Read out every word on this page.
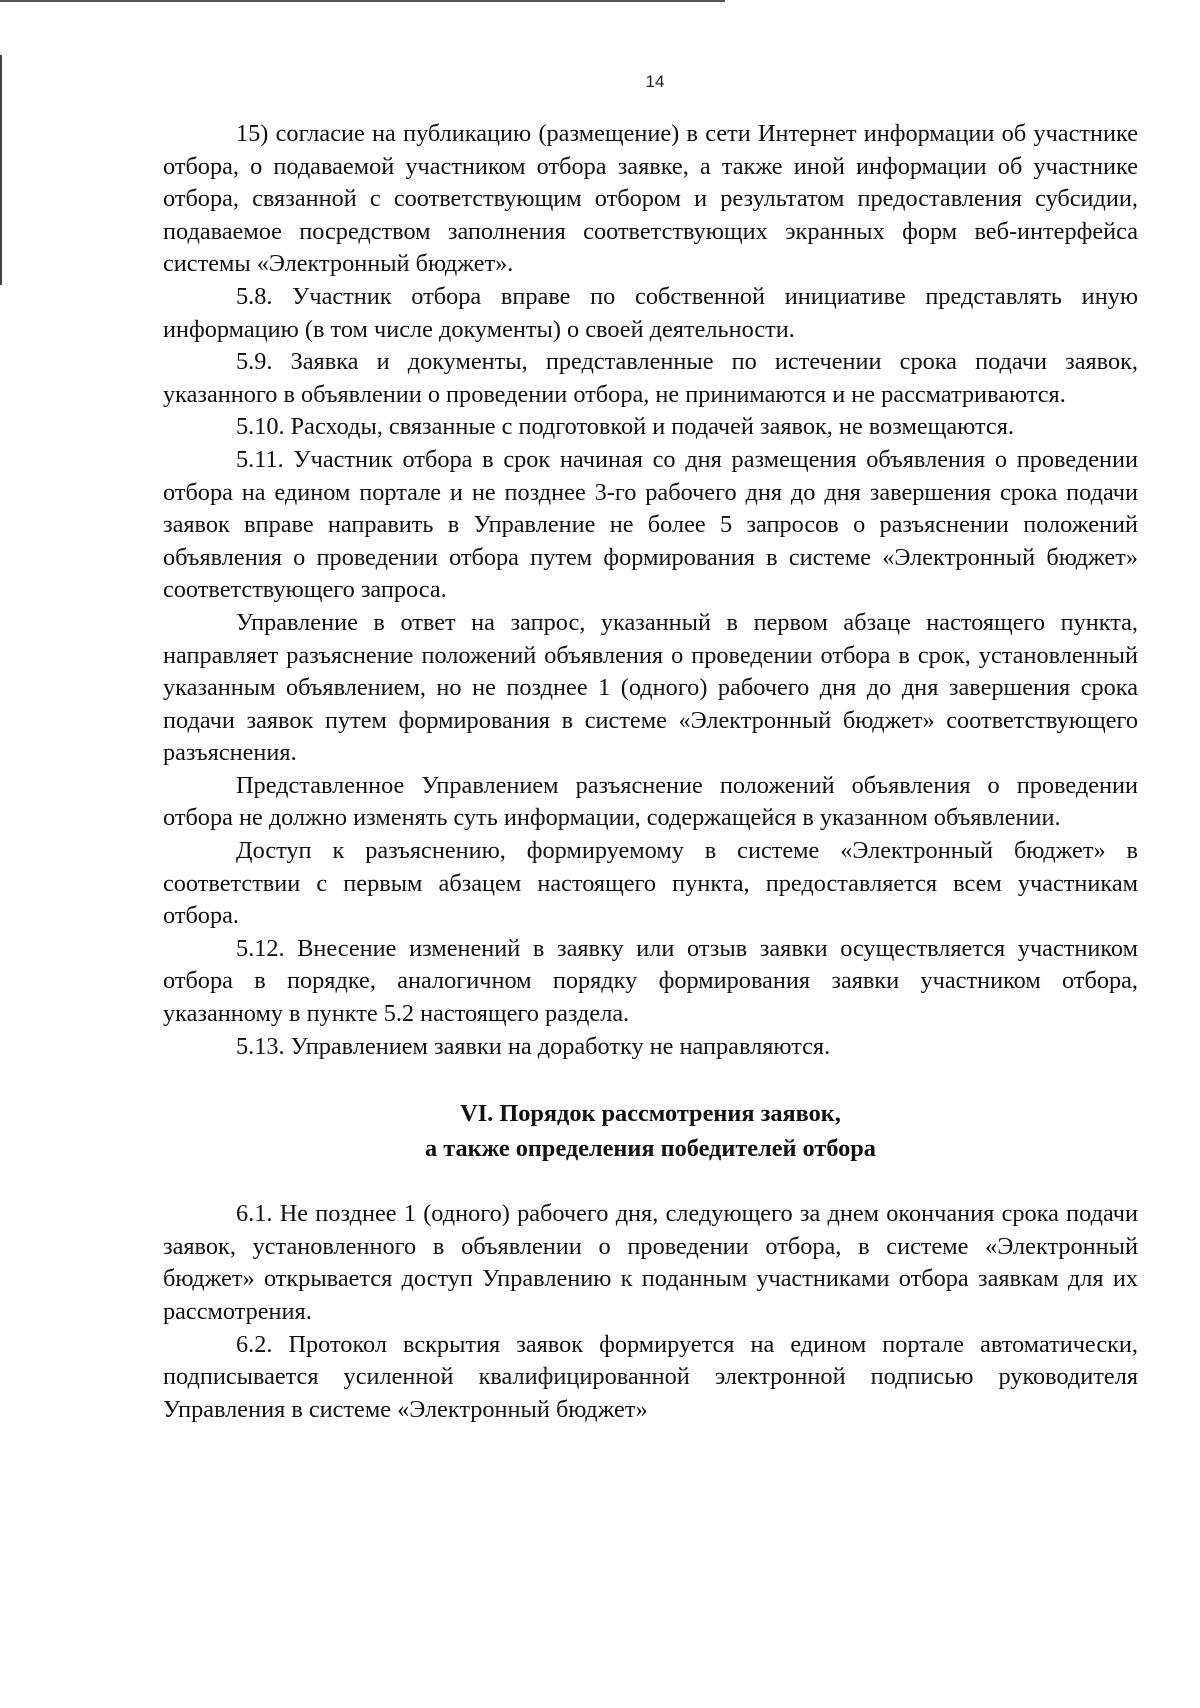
14

15) согласие на публикацию (размещение) в сети Интернет информации об участнике отбора, о подаваемой участником отбора заявке, а также иной информации об участнике отбора, связанной с соответствующим отбором и результатом предоставления субсидии, подаваемое посредством заполнения соответствующих экранных форм веб-интерфейса системы «Электронный бюджет».

5.8. Участник отбора вправе по собственной инициативе представлять иную информацию (в том числе документы) о своей деятельности.

5.9. Заявка и документы, представленные по истечении срока подачи заявок, указанного в объявлении о проведении отбора, не принимаются и не рассматриваются.

5.10. Расходы, связанные с подготовкой и подачей заявок, не возмещаются.

5.11. Участник отбора в срок начиная со дня размещения объявления о проведении отбора на едином портале и не позднее 3-го рабочего дня до дня завершения срока подачи заявок вправе направить в Управление не более 5 запросов о разъяснении положений объявления о проведении отбора путем формирования в системе «Электронный бюджет» соответствующего запроса.

Управление в ответ на запрос, указанный в первом абзаце настоящего пункта, направляет разъяснение положений объявления о проведении отбора в срок, установленный указанным объявлением, но не позднее 1 (одного) рабочего дня до дня завершения срока подачи заявок путем формирования в системе «Электронный бюджет» соответствующего разъяснения.

Представленное Управлением разъяснение положений объявления о проведении отбора не должно изменять суть информации, содержащейся в указанном объявлении.

Доступ к разъяснению, формируемому в системе «Электронный бюджет» в соответствии с первым абзацем настоящего пункта, предоставляется всем участникам отбора.

5.12. Внесение изменений в заявку или отзыв заявки осуществляется участником отбора в порядке, аналогичном порядку формирования заявки участником отбора, указанному в пункте 5.2 настоящего раздела.

5.13. Управлением заявки на доработку не направляются.

VI. Порядок рассмотрения заявок,
а также определения победителей отбора

6.1. Не позднее 1 (одного) рабочего дня, следующего за днем окончания срока подачи заявок, установленного в объявлении о проведении отбора, в системе «Электронный бюджет» открывается доступ Управлению к поданным участниками отбора заявкам для их рассмотрения.

6.2. Протокол вскрытия заявок формируется на едином портале автоматически, подписывается усиленной квалифицированной электронной подписью руководителя Управления в системе «Электронный бюджет»
